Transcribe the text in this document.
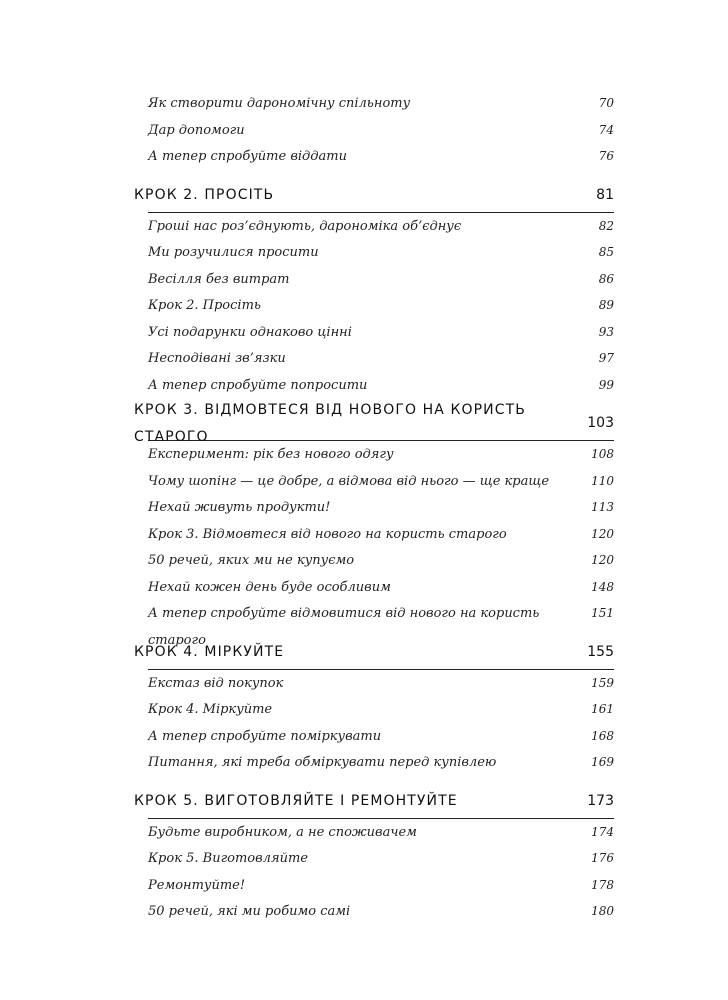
Як створити дарономічну спільноту	70
Дар допомоги	74
А тепер спробуйте віддати	76
КРОК 2. ПРОСІТЬ	81
Гроші нас роз’єднують, дарономіка об’єднує	82
Ми розучилися просити	85
Весілля без витрат	86
Крок 2. Просіть	89
Усі подарунки однаково цінні	93
Несподівані зв’язки	97
А тепер спробуйте попросити	99
КРОК 3. ВІДМОВТЕСЯ ВІД НОВОГО НА КОРИСТЬ СТАРОГО
103
Експеримент: рік без нового одягу	108
Чому шопінг — це добре, а відмова від нього — ще краще	110
Нехай живуть продукти!	113
Крок 3. Відмовтеся від нового на користь старого	120
50 речей, яких ми не купуємо	120
Нехай кожен день буде особливим	148
А тепер спробуйте відмовитися від нового на користь старого
151
КРОК 4. МІРКУЙТЕ	155
Екстаз від покупок	159
Крок 4. Міркуйте	161
А тепер спробуйте поміркувати	168
Питання, які треба обміркувати перед купівлею	169
КРОК 5. ВИГОТОВЛЯЙТЕ І РЕМОНТУЙТЕ	173
Будьте виробником, а не споживачем	174
Крок 5. Виготовляйте	176
Ремонтуйте!	178
50 речей, які ми робимо самі	180
